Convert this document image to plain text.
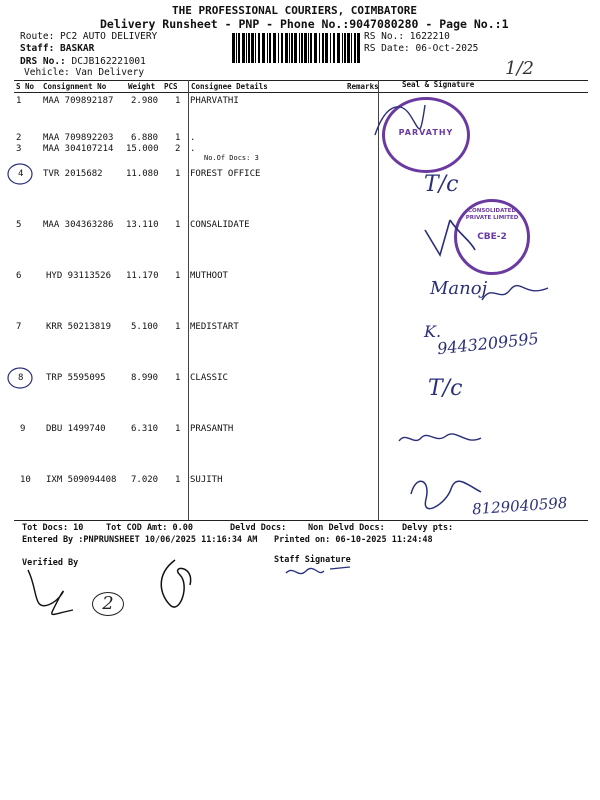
THE PROFESSIONAL COURIERS, COIMBATORE
Delivery Runsheet - PNP - Phone No.:9047080280 - Page No.:1
Route: PC2 AUTO DELIVERY
Staff: BASKAR
DRS No.: DCJB162221001
Vehicle: Van Delivery
RS No.: 1622210
RS Date: 06-Oct-2025
1/2
S No Consignment No	Weight PCS Consignee Details	Remarks	Seal & Signature
1 MAA 709892187 2.980 1 PHARVATHI
2 MAA 709892203 6.880 1 .
3 MAA 304107214 15.000 2 .
No.Of Docs: 3
4 TVR 2015682	11.080 1 FOREST OFFICE
5 MAA 304363286 13.110 1 CONSALIDATE
6	HYD 93113526 11.170 1 MUTHOOT
7	KRR 50213819 5.100 1 MEDISTART
8	TRP 5595095	8.990 1 CLASSIC
9 DBU 1499740	6.310 1 PRASANTH
10 IXM 509094408 7.020 1 SUJITH
PARVATHY
CONSOLIDATED PRIVATE LIMITED
CBE-2
T/c
Manoj
K.
9443209595
T/c
8129040598
Tot Docs: 10	Tot COD Amt: 0.00	Delvd Docs:	Non Delvd Docs: Delvy pts:
Entered By :PNPRUNSHEET 10/06/2025 11:16:34 AM Printed on: 06-10-2025 11:24:48
Verified By	Staff Signature
2
